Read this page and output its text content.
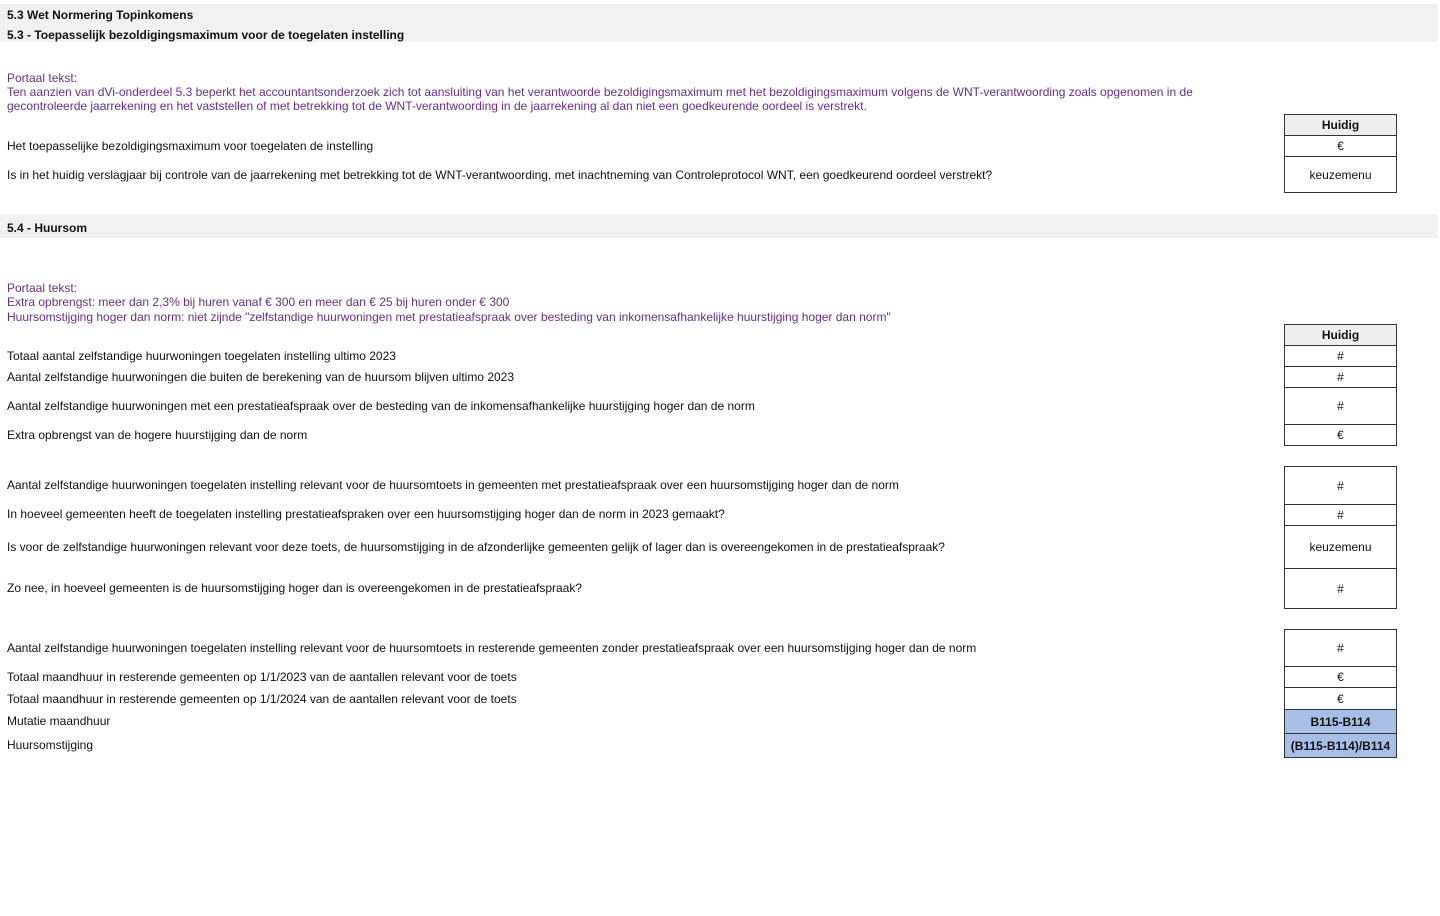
5.3 Wet Normering Topinkomens
5.3 - Toepasselijk bezoldigingsmaximum voor de toegelaten instelling
Portaal tekst:
Ten aanzien van dVi-onderdeel 5.3 beperkt het accountantsonderzoek zich tot aansluiting van het verantwoorde bezoldigingsmaximum met het bezoldigingsmaximum volgens de WNT-verantwoording zoals opgenomen in de
gecontroleerde jaarrekening en het vaststellen of met betrekking tot de WNT-verantwoording in de jaarrekening al dan niet een goedkeurende oordeel is verstrekt.
Huidig
Het toepasselijke bezoldigingsmaximum voor toegelaten de instelling	€
Is in het huidig verslagjaar bij controle van de jaarrekening met betrekking tot de WNT-verantwoording, met inachtneming van Controleprotocol WNT, een goedkeurend oordeel verstrekt?	keuzemenu
5.4 - Huursom
Portaal tekst:
Extra opbrengst: meer dan 2,3% bij huren vanaf € 300 en meer dan € 25 bij huren onder € 300
Huursomstijging hoger dan norm: niet zijnde "zelfstandige huurwoningen met prestatieafspraak over besteding van inkomensafhankelijke huurstijging hoger dan norm"
Huidig
Totaal aantal zelfstandige huurwoningen toegelaten instelling ultimo 2023	#
Aantal zelfstandige huurwoningen die buiten de berekening van de huursom blijven ultimo 2023	#
Aantal zelfstandige huurwoningen met een prestatieafspraak over de besteding van de inkomensafhankelijke huurstijging hoger dan de norm	#
Extra opbrengst van de hogere huurstijging dan de norm	€
Aantal zelfstandige huurwoningen toegelaten instelling relevant voor de huursomtoets in gemeenten met prestatieafspraak over een huursomstijging hoger dan de norm	#
In hoeveel gemeenten heeft de toegelaten instelling prestatieafspraken over een huursomstijging hoger dan de norm in 2023 gemaakt?	#
Is voor de zelfstandige huurwoningen relevant voor deze toets, de huursomstijging in de afzonderlijke gemeenten gelijk of lager dan is overeengekomen in de prestatieafspraak?	keuzemenu
Zo nee, in hoeveel gemeenten is de huursomstijging hoger dan is overeengekomen in de prestatieafspraak?	#
Aantal zelfstandige huurwoningen toegelaten instelling relevant voor de huursomtoets in resterende gemeenten zonder prestatieafspraak over een huursomstijging hoger dan de norm	#
Totaal maandhuur in resterende gemeenten op 1/1/2023 van de aantallen relevant voor de toets	€
Totaal maandhuur in resterende gemeenten op 1/1/2024 van de aantallen relevant voor de toets	€
Mutatie maandhuur	B115-B114
Huursomstijging	(B115-B114)/B114
